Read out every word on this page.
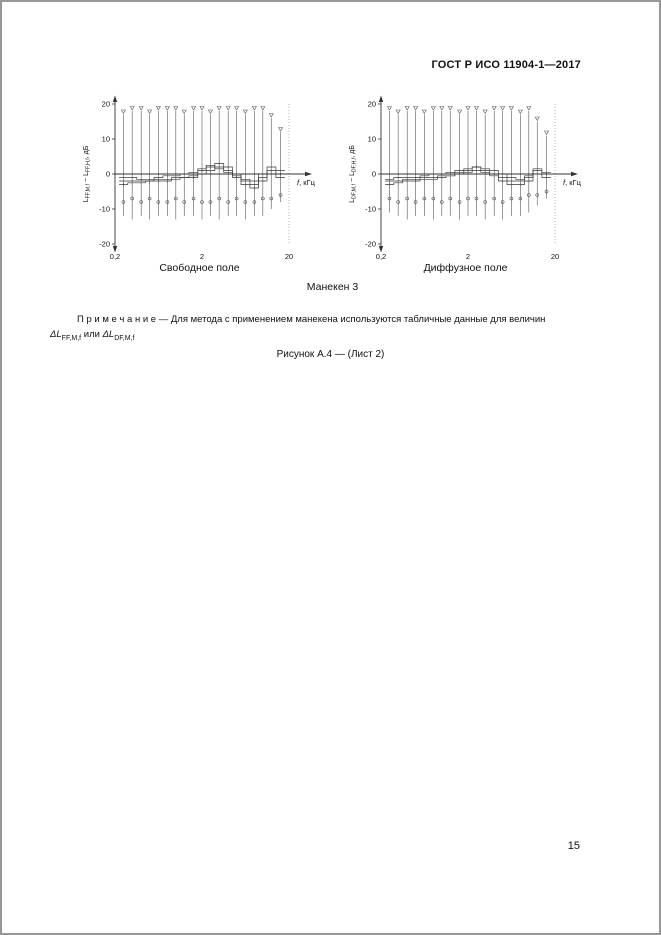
ГОСТ Р ИСО 11904-1—2017
20
10
0
-10
-20
0,2	2	20
f, кГц
$L_{FF,M,f} - L_{FF,H,f}$, дБ
Свободное поле
20
10
0
-10
-20
0,2	2	20
f, кГц
$L_{DF,M,f} - L_{DF,H,f}$, дБ
Диффузное поле
Манекен 3
П р и м е ч а н и е — Для метода с применением манекена используются табличные данные для величин
$\Delta L_{FF,M,f}$ или $\Delta L_{DF,M,f}$
Рисунок А.4 — (Лист 2)
15
